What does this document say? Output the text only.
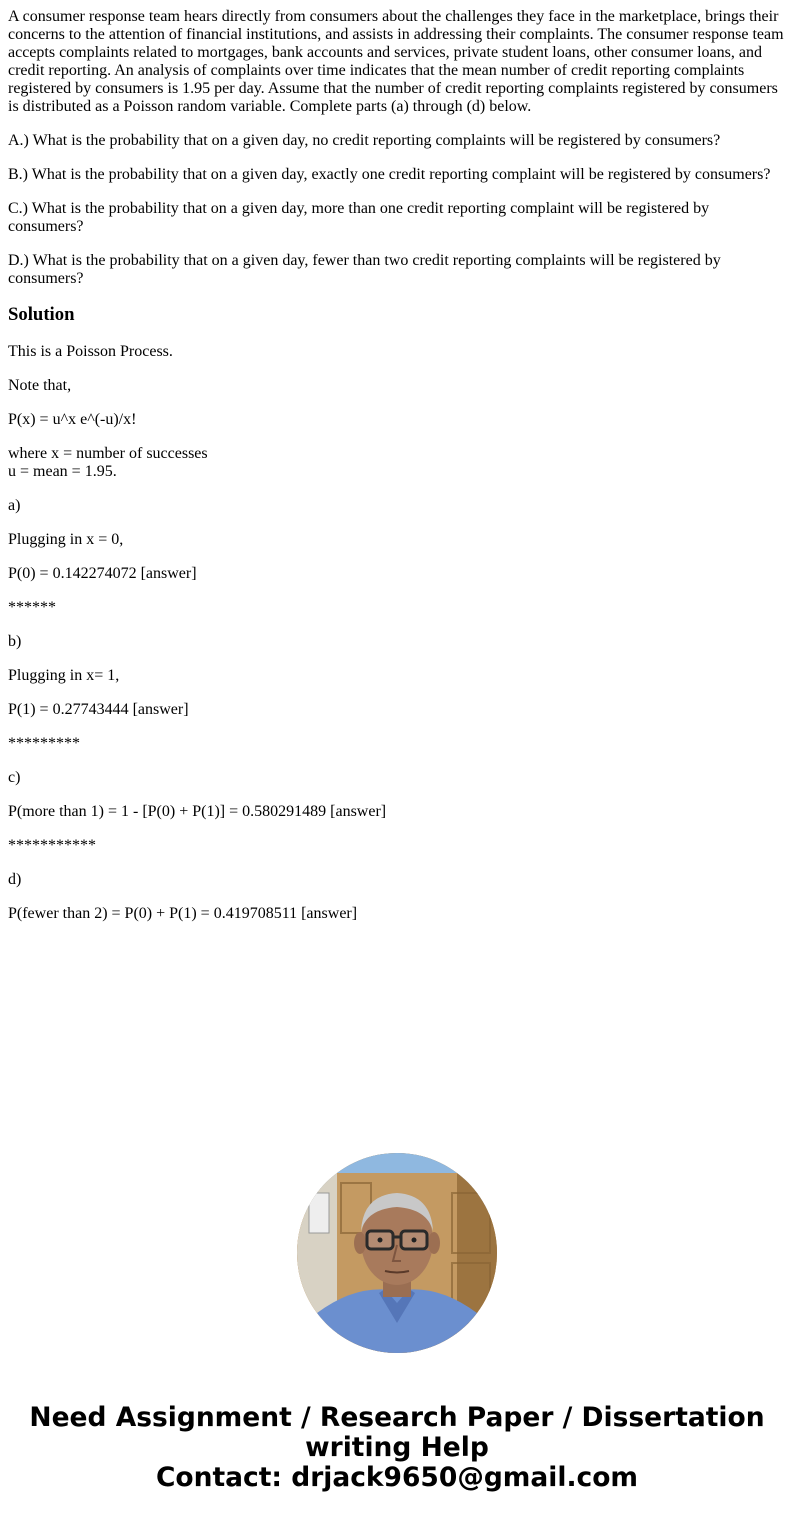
A consumer response team hears directly from consumers about the challenges they face in the marketplace, brings their concerns to the attention of financial institutions, and assists in addressing their complaints. The consumer response team accepts complaints related to mortgages, bank accounts and services, private student loans, other consumer loans, and credit reporting. An analysis of complaints over time indicates that the mean number of credit reporting complaints registered by consumers is 1.95 per day. Assume that the number of credit reporting complaints registered by consumers is distributed as a Poisson random variable. Complete parts (a) through (d) below.

A.) What is the probability that on a given day, no credit reporting complaints will be registered by consumers?

B.) What is the probability that on a given day, exactly one credit reporting complaint will be registered by consumers?

C.) What is the probability that on a given day, more than one credit reporting complaint will be registered by consumers?

D.) What is the probability that on a given day, fewer than two credit reporting complaints will be registered by consumers?

Solution

This is a Poisson Process.

Note that,

P(x) = u^x e^(-u)/x!

where x = number of successes
u = mean = 1.95.

a)

Plugging in x = 0,

P(0) = 0.142274072 [answer]

******

b)

Plugging in x= 1,

P(1) = 0.27743444 [answer]

*********

c)

P(more than 1) = 1 - [P(0) + P(1)] = 0.580291489 [answer]

***********

d)

P(fewer than 2) = P(0) + P(1) = 0.419708511 [answer]

Need Assignment / Research Paper / Dissertation
writing Help
Contact: drjack9650@gmail.com
